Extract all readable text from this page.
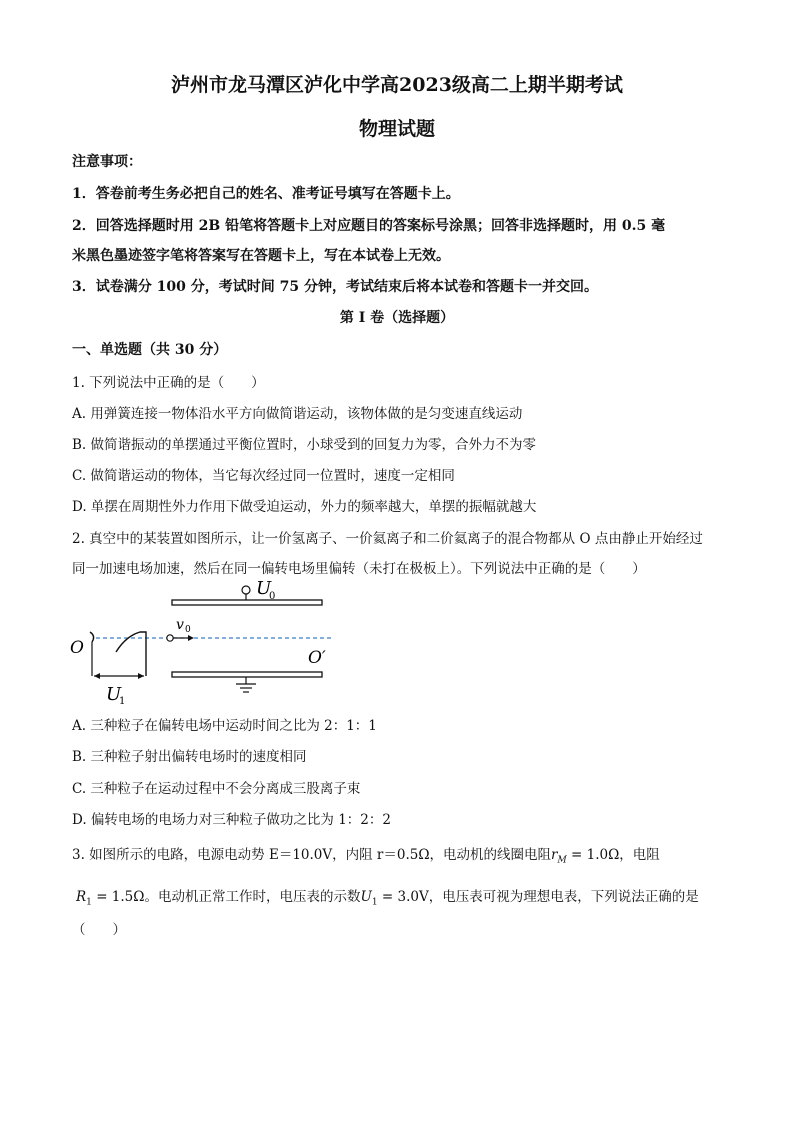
泸州市龙马潭区泸化中学高2023级高二上期半期考试
物理试题
注意事项：
1．答卷前考生务必把自己的姓名、准考证号填写在答题卡上。
2．回答选择题时用 2B 铅笔将答题卡上对应题目的答案标号涂黑；回答非选择题时，用 0.5 毫
米黑色墨迹签字笔将答案写在答题卡上，写在本试卷上无效。
3．试卷满分 100 分，考试时间 75 分钟，考试结束后将本试卷和答题卡一并交回。
第 I 卷（选择题）
一、单选题（共 30 分）
1. 下列说法中正确的是（　　）
A. 用弹簧连接一物体沿水平方向做简谐运动，该物体做的是匀变速直线运动
B. 做简谐振动的单摆通过平衡位置时，小球受到的回复力为零，合外力不为零
C. 做简谐运动的物体，当它每次经过同一位置时，速度一定相同
D. 单摆在周期性外力作用下做受迫运动，外力的频率越大，单摆的振幅就越大
2. 真空中的某装置如图所示，让一价氢离子、一价氦离子和二价氦离子的混合物都从 O 点由静止开始经过
同一加速电场加速，然后在同一偏转电场里偏转（未打在极板上）。下列说法中正确的是（　　）
U
0
v 0
U
1
O	O′
A. 三种粒子在偏转电场中运动时间之比为 2：1：1
B. 三种粒子射出偏转电场时的速度相同
C. 三种粒子在运动过程中不会分离成三股离子束
D. 偏转电场的电场力对三种粒子做功之比为 1：2：2
3. 如图所示的电路，电源电动势 E＝10.0V，内阻 r＝0.5Ω，电动机的线圈电阻$r_M = 1.0\Omega$，电阻
$R_1 = 1.5\Omega$。电动机正常工作时，电压表的示数$U_1 = 3.0V$，电压表可视为理想电表，下列说法正确的是
（　　）
